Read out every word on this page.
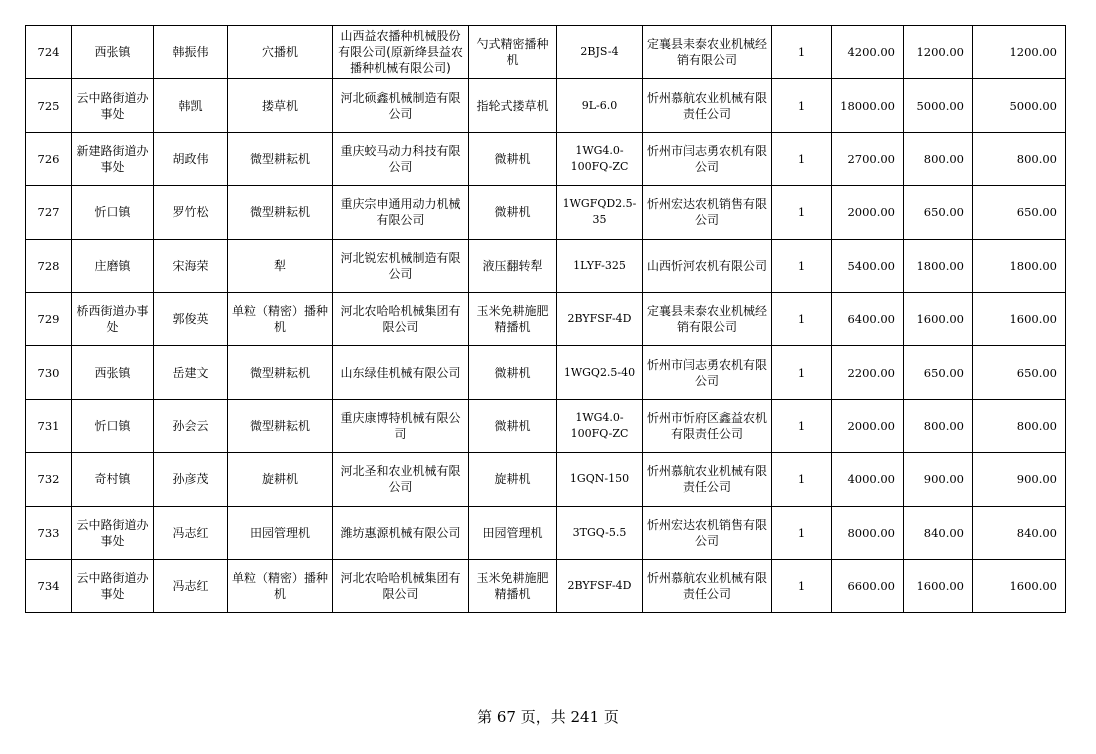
724	西张镇	韩振伟	穴播机	山西益农播种机械股份有限公司(原新绛县益农播种机械有限公司)	勺式精密播种机	2BJS-4	定襄县耒泰农业机械经销有限公司	1	4200.00	1200.00	1200.00
725	云中路街道办事处	韩凯	搂草机	河北硕鑫机械制造有限公司	指轮式搂草机	9L-6.0	忻州慕航农业机械有限责任公司	1	18000.00	5000.00	5000.00
726	新建路街道办事处	胡政伟	微型耕耘机	重庆蛟马动力科技有限公司	微耕机	1WG4.0-100FQ-ZC	忻州市闫志勇农机有限公司	1	2700.00	800.00	800.00
727	忻口镇	罗竹松	微型耕耘机	重庆宗申通用动力机械有限公司	微耕机	1WGFQD2.5-35	忻州宏达农机销售有限公司	1	2000.00	650.00	650.00
728	庄磨镇	宋海荣	犁	河北锐宏机械制造有限公司	液压翻转犁	1LYF-325	山西忻河农机有限公司	1	5400.00	1800.00	1800.00
729	桥西街道办事处	郭俊英	单粒（精密）播种机	河北农哈哈机械集团有限公司	玉米免耕施肥精播机	2BYFSF-4D	定襄县耒泰农业机械经销有限公司	1	6400.00	1600.00	1600.00
730	西张镇	岳建文	微型耕耘机	山东绿佳机械有限公司	微耕机	1WGQ2.5-40	忻州市闫志勇农机有限公司	1	2200.00	650.00	650.00
731	忻口镇	孙会云	微型耕耘机	重庆康博特机械有限公司	微耕机	1WG4.0-100FQ-ZC	忻州市忻府区鑫益农机有限责任公司	1	2000.00	800.00	800.00
732	奇村镇	孙彦茂	旋耕机	河北圣和农业机械有限公司	旋耕机	1GQN-150	忻州慕航农业机械有限责任公司	1	4000.00	900.00	900.00
733	云中路街道办事处	冯志红	田园管理机	潍坊惠源机械有限公司	田园管理机	3TGQ-5.5	忻州宏达农机销售有限公司	1	8000.00	840.00	840.00
734	云中路街道办事处	冯志红	单粒（精密）播种机	河北农哈哈机械集团有限公司	玉米免耕施肥精播机	2BYFSF-4D	忻州慕航农业机械有限责任公司	1	6600.00	1600.00	1600.00
第 67 页，共 241 页
